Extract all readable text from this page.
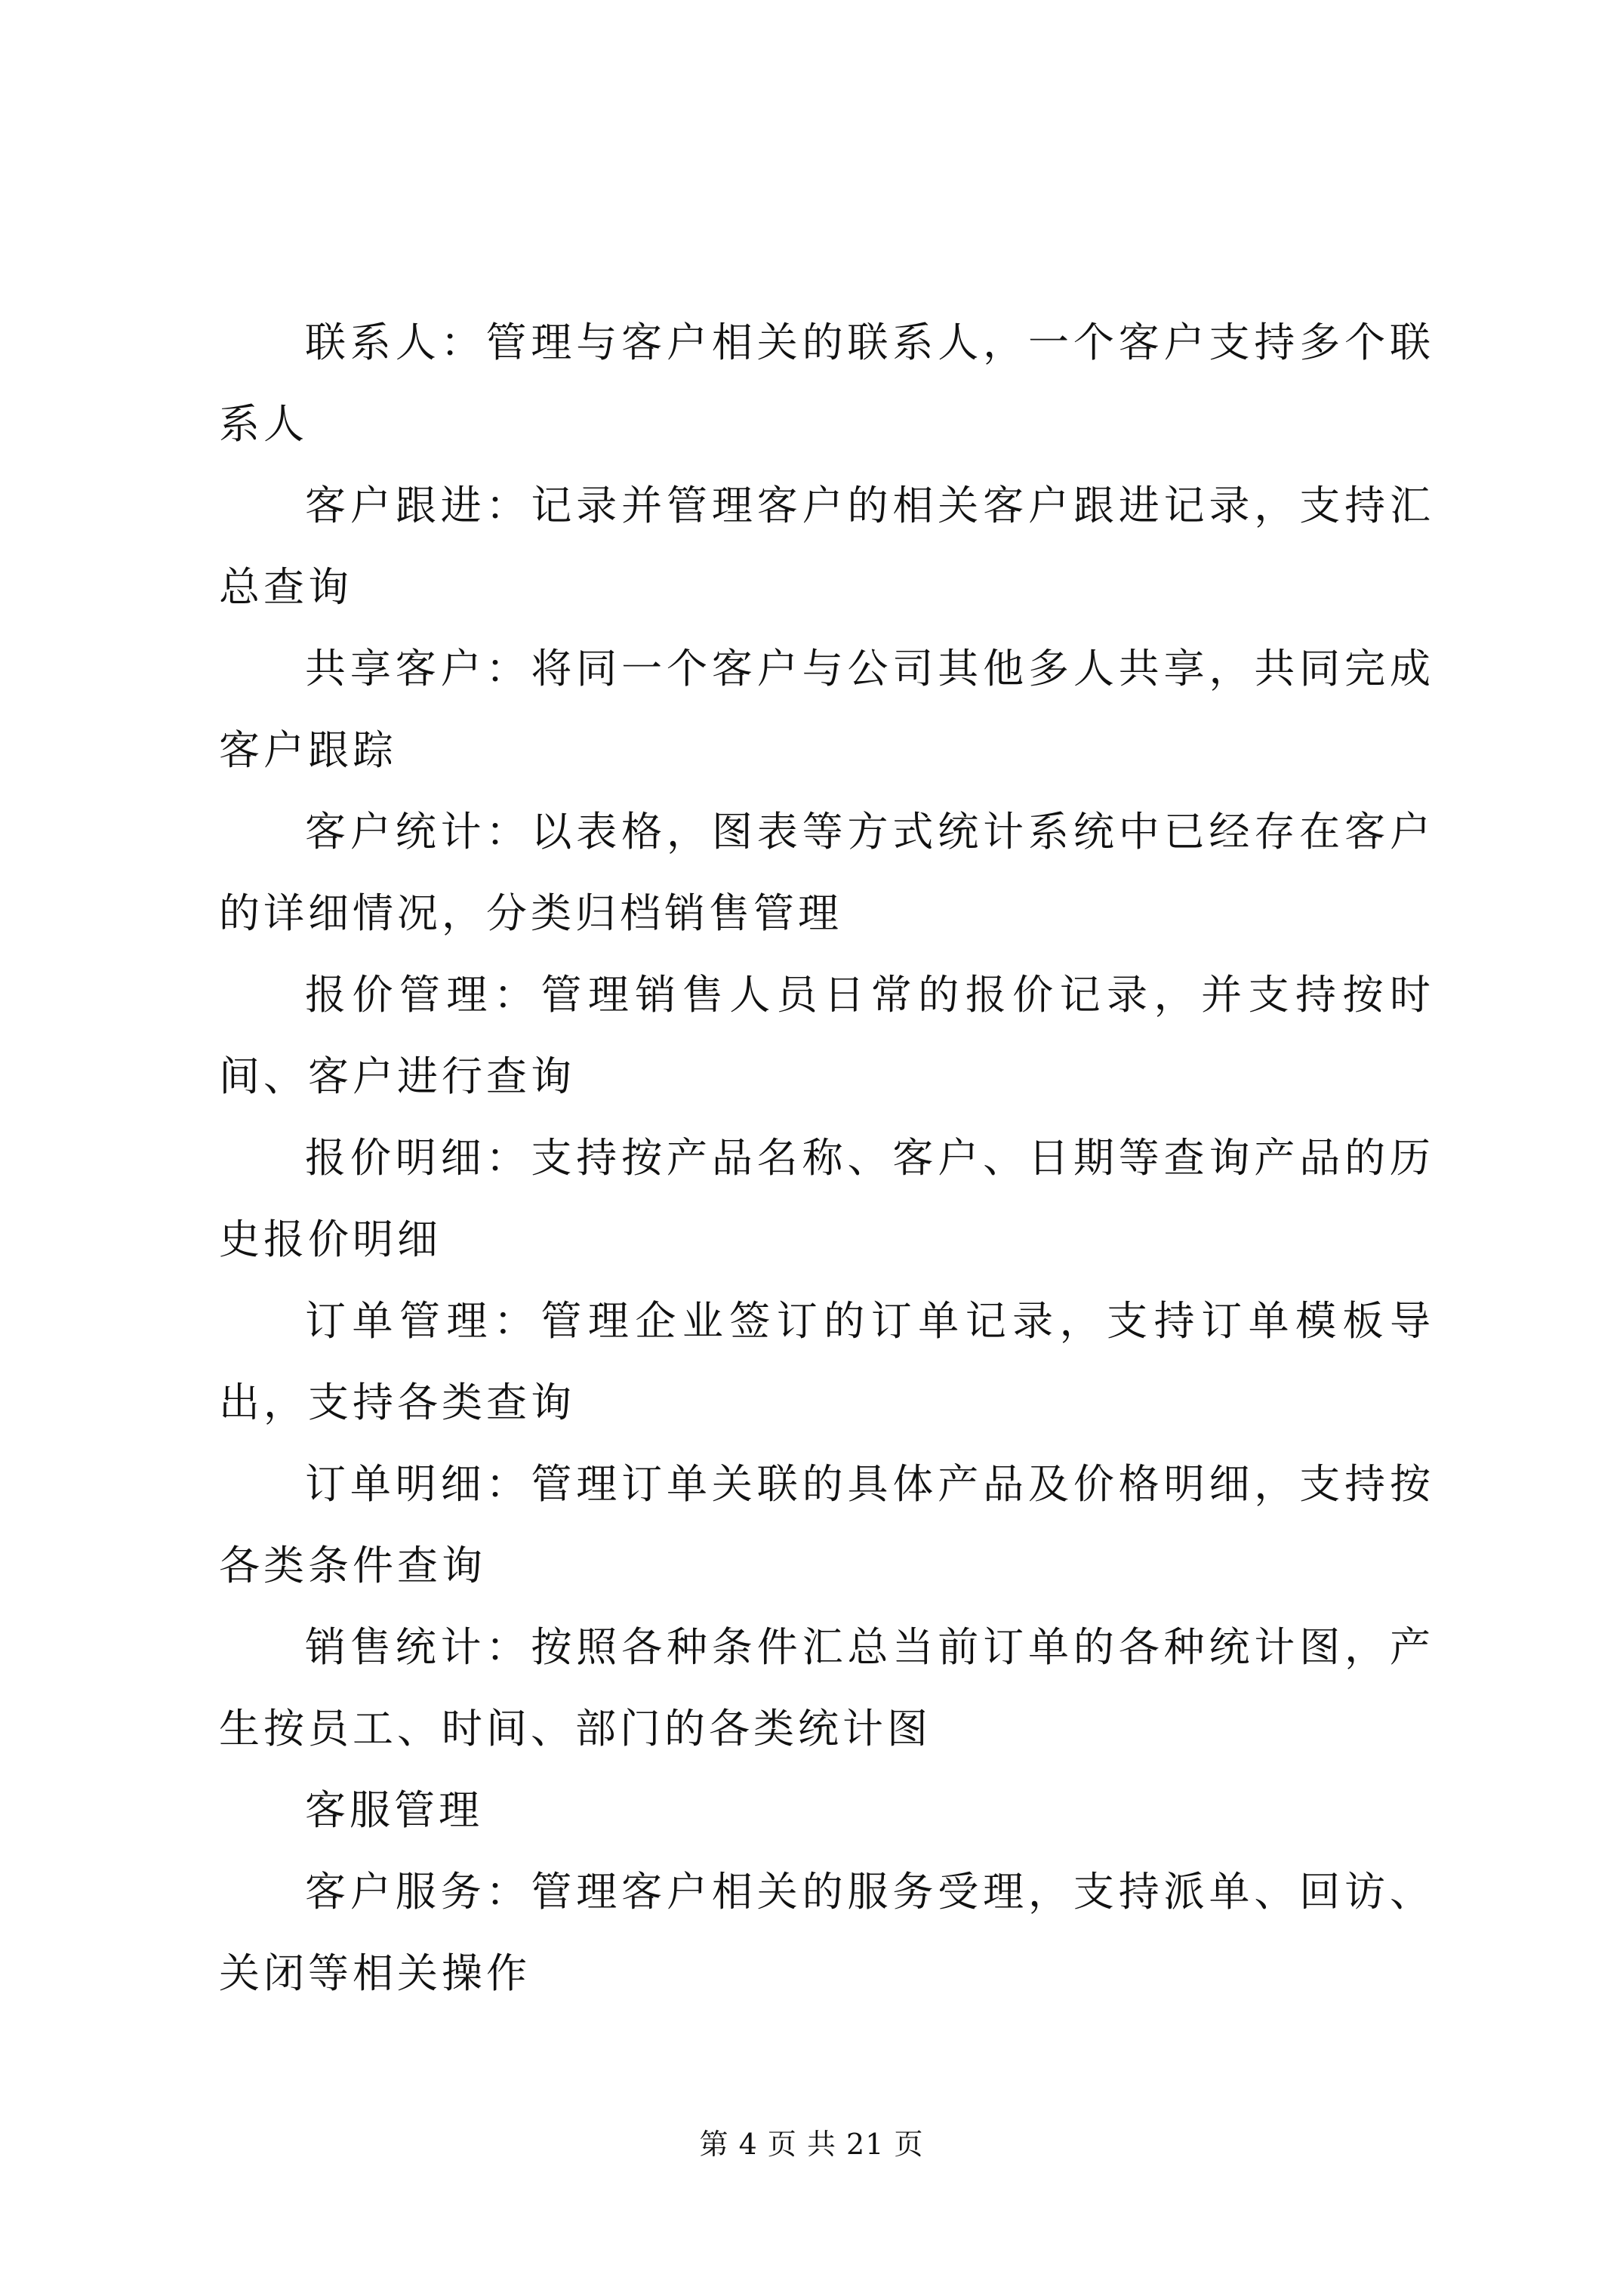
联系人：管理与客户相关的联系人，一个客户支持多个联系人

客户跟进：记录并管理客户的相关客户跟进记录，支持汇总查询

共享客户：将同一个客户与公司其他多人共享，共同完成客户跟踪

客户统计：以表格，图表等方式统计系统中已经存在客户的详细情况，分类归档销售管理

报价管理：管理销售人员日常的报价记录，并支持按时间、客户进行查询

报价明细：支持按产品名称、客户、日期等查询产品的历史报价明细

订单管理：管理企业签订的订单记录，支持订单模板导出，支持各类查询

订单明细：管理订单关联的具体产品及价格明细，支持按各类条件查询

销售统计：按照各种条件汇总当前订单的各种统计图，产生按员工、时间、部门的各类统计图

客服管理

客户服务：管理客户相关的服务受理，支持派单、回访、关闭等相关操作

第 4 页 共 21 页
